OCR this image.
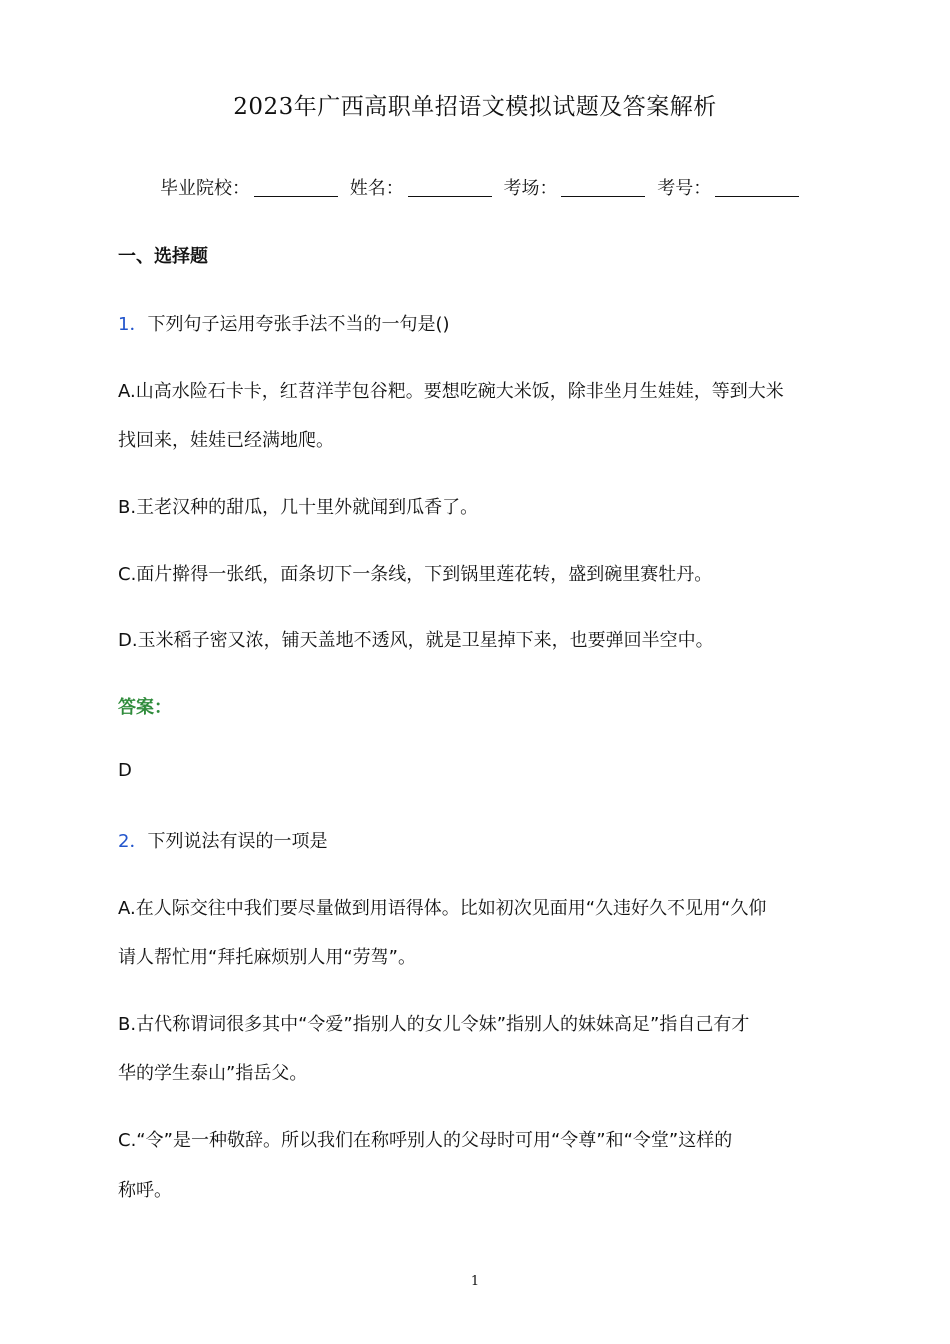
2023年广西高职单招语文模拟试题及答案解析
毕业院校：	姓名：	考场：	考号：
一、选择题
1．下列句子运用夸张手法不当的一句是()
A.山高水险石卡卡，红苕洋芋包谷粑。要想吃碗大米饭，除非坐月生娃娃，等到大米
找回来，娃娃已经满地爬。
B.王老汉种的甜瓜，几十里外就闻到瓜香了。
C.面片擀得一张纸，面条切下一条线，下到锅里莲花转，盛到碗里赛牡丹。
D.玉米稻子密又浓，铺天盖地不透风，就是卫星掉下来，也要弹回半空中。
答案：
D
2．下列说法有误的一项是
A.在人际交往中我们要尽量做到用语得体。比如初次见面用“久违好久不见用“久仰
请人帮忙用“拜托麻烦别人用“劳驾”。
B.古代称谓词很多其中“令爱”指别人的女儿令妹”指别人的妹妹高足”指自己有才
华的学生泰山”指岳父。
C.“令”是一种敬辞。所以我们在称呼别人的父母时可用“令尊”和“令堂”这样的
称呼。
1
